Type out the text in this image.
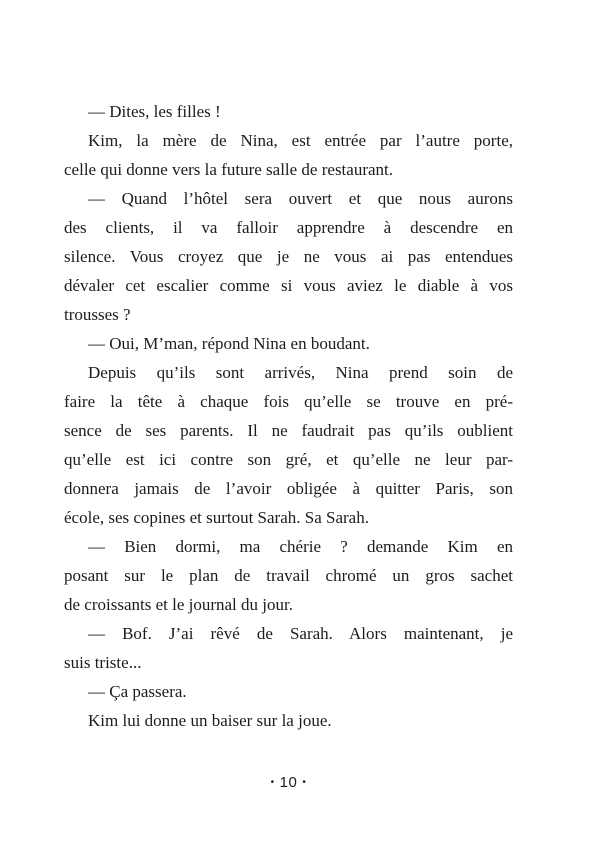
— Dites, les filles !
Kim, la mère de Nina, est entrée par l’autre porte,
celle qui donne vers la future salle de restaurant.
— Quand l’hôtel sera ouvert et que nous aurons
des clients, il va falloir apprendre à descendre en
silence. Vous croyez que je ne vous ai pas entendues
dévaler cet escalier comme si vous aviez le diable à vos
trousses ?
— Oui, M’man, répond Nina en boudant.
Depuis qu’ils sont arrivés, Nina prend soin de
faire la tête à chaque fois qu’elle se trouve en pré-
sence de ses parents. Il ne faudrait pas qu’ils oublient
qu’elle est ici contre son gré, et qu’elle ne leur par-
donnera jamais de l’avoir obligée à quitter Paris, son
école, ses copines et surtout Sarah. Sa Sarah.
— Bien dormi, ma chérie ? demande Kim en
posant sur le plan de travail chromé un gros sachet
de croissants et le journal du jour.
— Bof. J’ai rêvé de Sarah. Alors maintenant, je
suis triste...
— Ça passera.
Kim lui donne un baiser sur la joue.
• 10 •
